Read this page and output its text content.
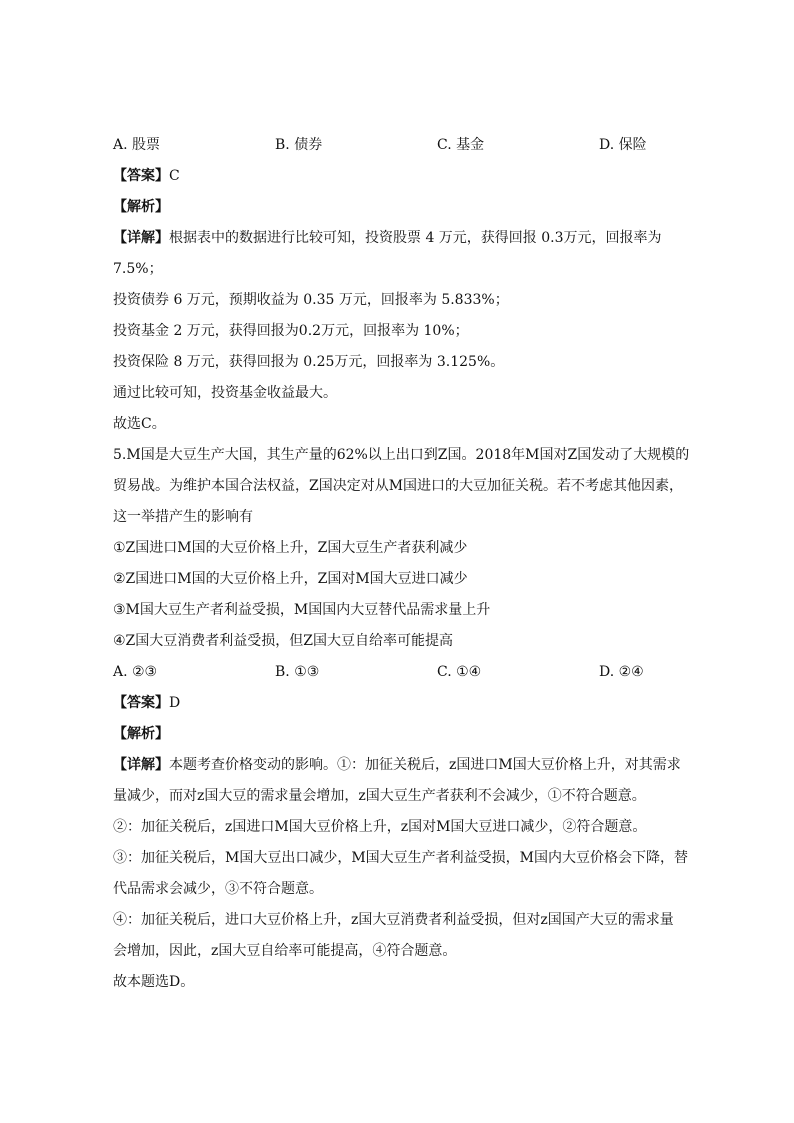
A. 股票	B. 债券	C. 基金	D. 保险
【答案】C
【解析】
【详解】根据表中的数据进行比较可知，投资股票 4 万元，获得回报 0.3万元，回报率为
7.5%；
投资债券 6 万元，预期收益为 0.35 万元，回报率为 5.833%；
投资基金 2 万元，获得回报为0.2万元，回报率为 10%；
投资保险 8 万元，获得回报为 0.25万元，回报率为 3.125%。
通过比较可知，投资基金收益最大。
故选C。
5.M国是大豆生产大国，其生产量的62%以上出口到Z国。2018年M国对Z国发动了大规模的
贸易战。为维护本国合法权益，Z国决定对从M国进口的大豆加征关税。若不考虑其他因素，
这一举措产生的影响有
①Z国进口M国的大豆价格上升，Z国大豆生产者获利减少
②Z国进口M国的大豆价格上升，Z国对M国大豆进口减少
③M国大豆生产者利益受损，M国国内大豆替代品需求量上升
④Z国大豆消费者利益受损，但Z国大豆自给率可能提高
A. ②③	B. ①③	C. ①④	D. ②④
【答案】D
【解析】
【详解】本题考查价格变动的影响。①：加征关税后，z国进口M国大豆价格上升，对其需求
量减少，而对z国大豆的需求量会增加，z国大豆生产者获利不会减少，①不符合题意。
②：加征关税后，z国进口M国大豆价格上升，z国对M国大豆进口减少，②符合题意。
③：加征关税后，M国大豆出口减少，M国大豆生产者利益受损，M国内大豆价格会下降，替
代品需求会减少，③不符合题意。
④：加征关税后，进口大豆价格上升，z国大豆消费者利益受损，但对z国国产大豆的需求量
会增加，因此，z国大豆自给率可能提高，④符合题意。
故本题选D。
